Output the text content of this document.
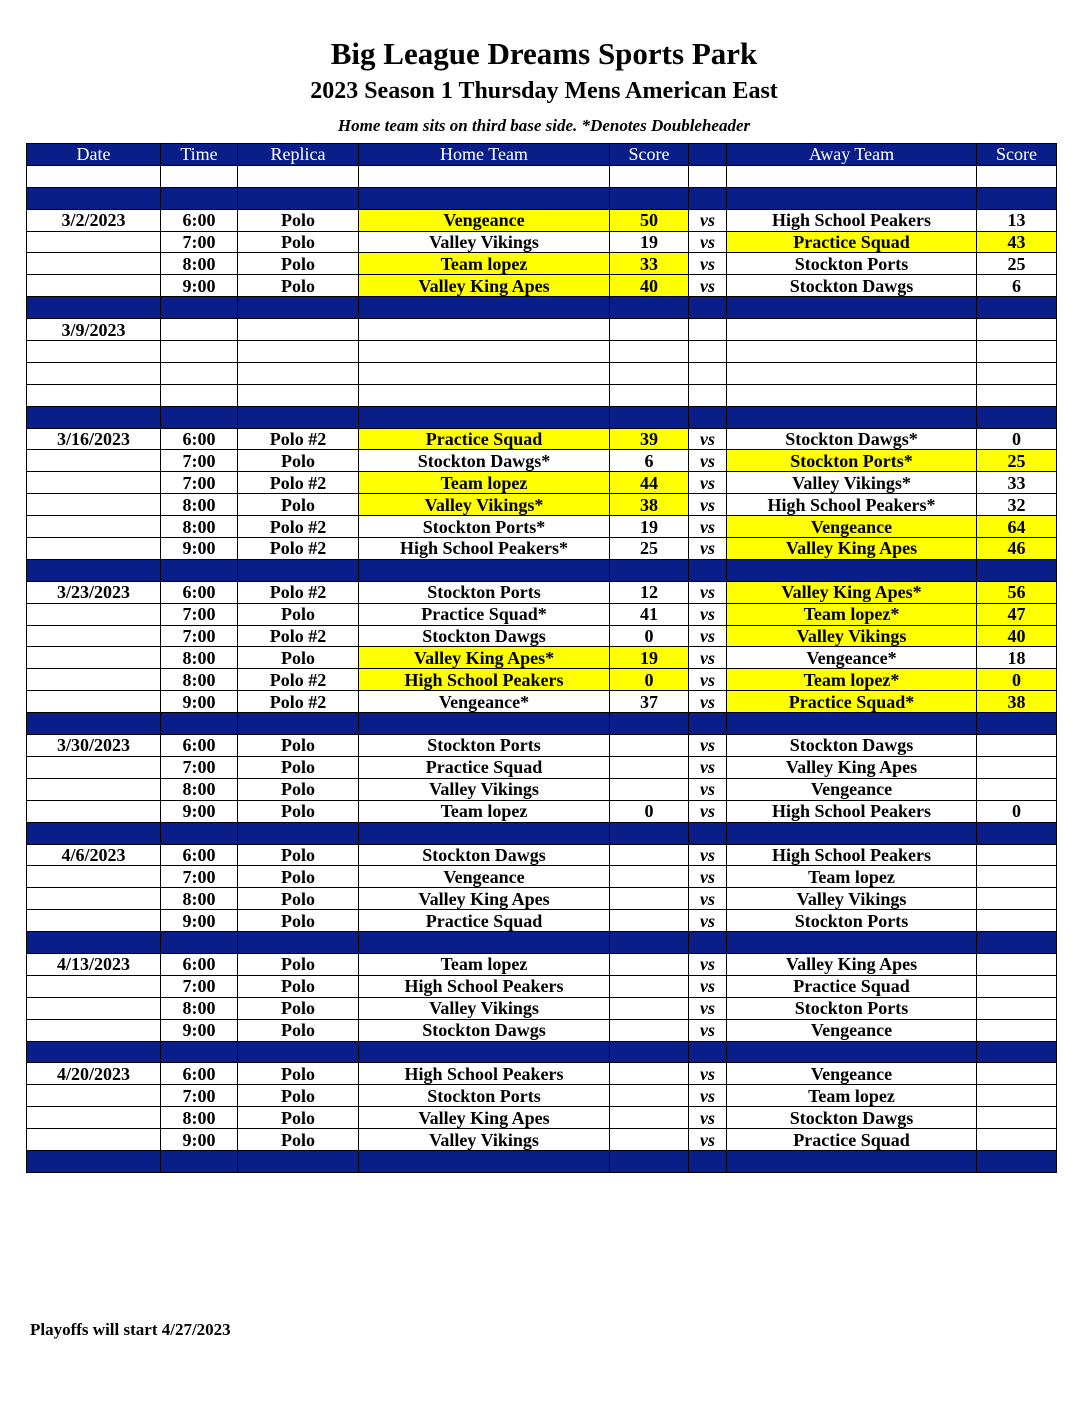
Big League Dreams Sports Park
2023 Season 1 Thursday Mens American East
Home team sits on third base side. *Denotes Doubleheader
Date	Time	Replica	Home Team	Score		Away Team	Score

3/2/2023	6:00	Polo	Vengeance	50	vs	High School Peakers	13
	7:00	Polo	Valley Vikings	19	vs	Practice Squad	43
	8:00	Polo	Team lopez	33	vs	Stockton Ports	25
	9:00	Polo	Valley King Apes	40	vs	Stockton Dawgs	6

3/9/2023							

3/16/2023	6:00	Polo #2	Practice Squad	39	vs	Stockton Dawgs*	0
	7:00	Polo	Stockton Dawgs*	6	vs	Stockton Ports*	25
	7:00	Polo #2	Team lopez	44	vs	Valley Vikings*	33
	8:00	Polo	Valley Vikings*	38	vs	High School Peakers*	32
	8:00	Polo #2	Stockton Ports*	19	vs	Vengeance	64
	9:00	Polo #2	High School Peakers*	25	vs	Valley King Apes	46

3/23/2023	6:00	Polo #2	Stockton Ports	12	vs	Valley King Apes*	56
	7:00	Polo	Practice Squad*	41	vs	Team lopez*	47
	7:00	Polo #2	Stockton Dawgs	0	vs	Valley Vikings	40
	8:00	Polo	Valley King Apes*	19	vs	Vengeance*	18
	8:00	Polo #2	High School Peakers	0	vs	Team lopez*	0
	9:00	Polo #2	Vengeance*	37	vs	Practice Squad*	38

3/30/2023	6:00	Polo	Stockton Ports		vs	Stockton Dawgs	
	7:00	Polo	Practice Squad		vs	Valley King Apes	
	8:00	Polo	Valley Vikings		vs	Vengeance	
	9:00	Polo	Team lopez	0	vs	High School Peakers	0

4/6/2023	6:00	Polo	Stockton Dawgs		vs	High School Peakers	
	7:00	Polo	Vengeance		vs	Team lopez	
	8:00	Polo	Valley King Apes		vs	Valley Vikings	
	9:00	Polo	Practice Squad		vs	Stockton Ports	

4/13/2023	6:00	Polo	Team lopez		vs	Valley King Apes	
	7:00	Polo	High School Peakers		vs	Practice Squad	
	8:00	Polo	Valley Vikings		vs	Stockton Ports	
	9:00	Polo	Stockton Dawgs		vs	Vengeance	

4/20/2023	6:00	Polo	High School Peakers		vs	Vengeance	
	7:00	Polo	Stockton Ports		vs	Team lopez	
	8:00	Polo	Valley King Apes		vs	Stockton Dawgs	
	9:00	Polo	Valley Vikings		vs	Practice Squad	

Playoffs will start 4/27/2023
